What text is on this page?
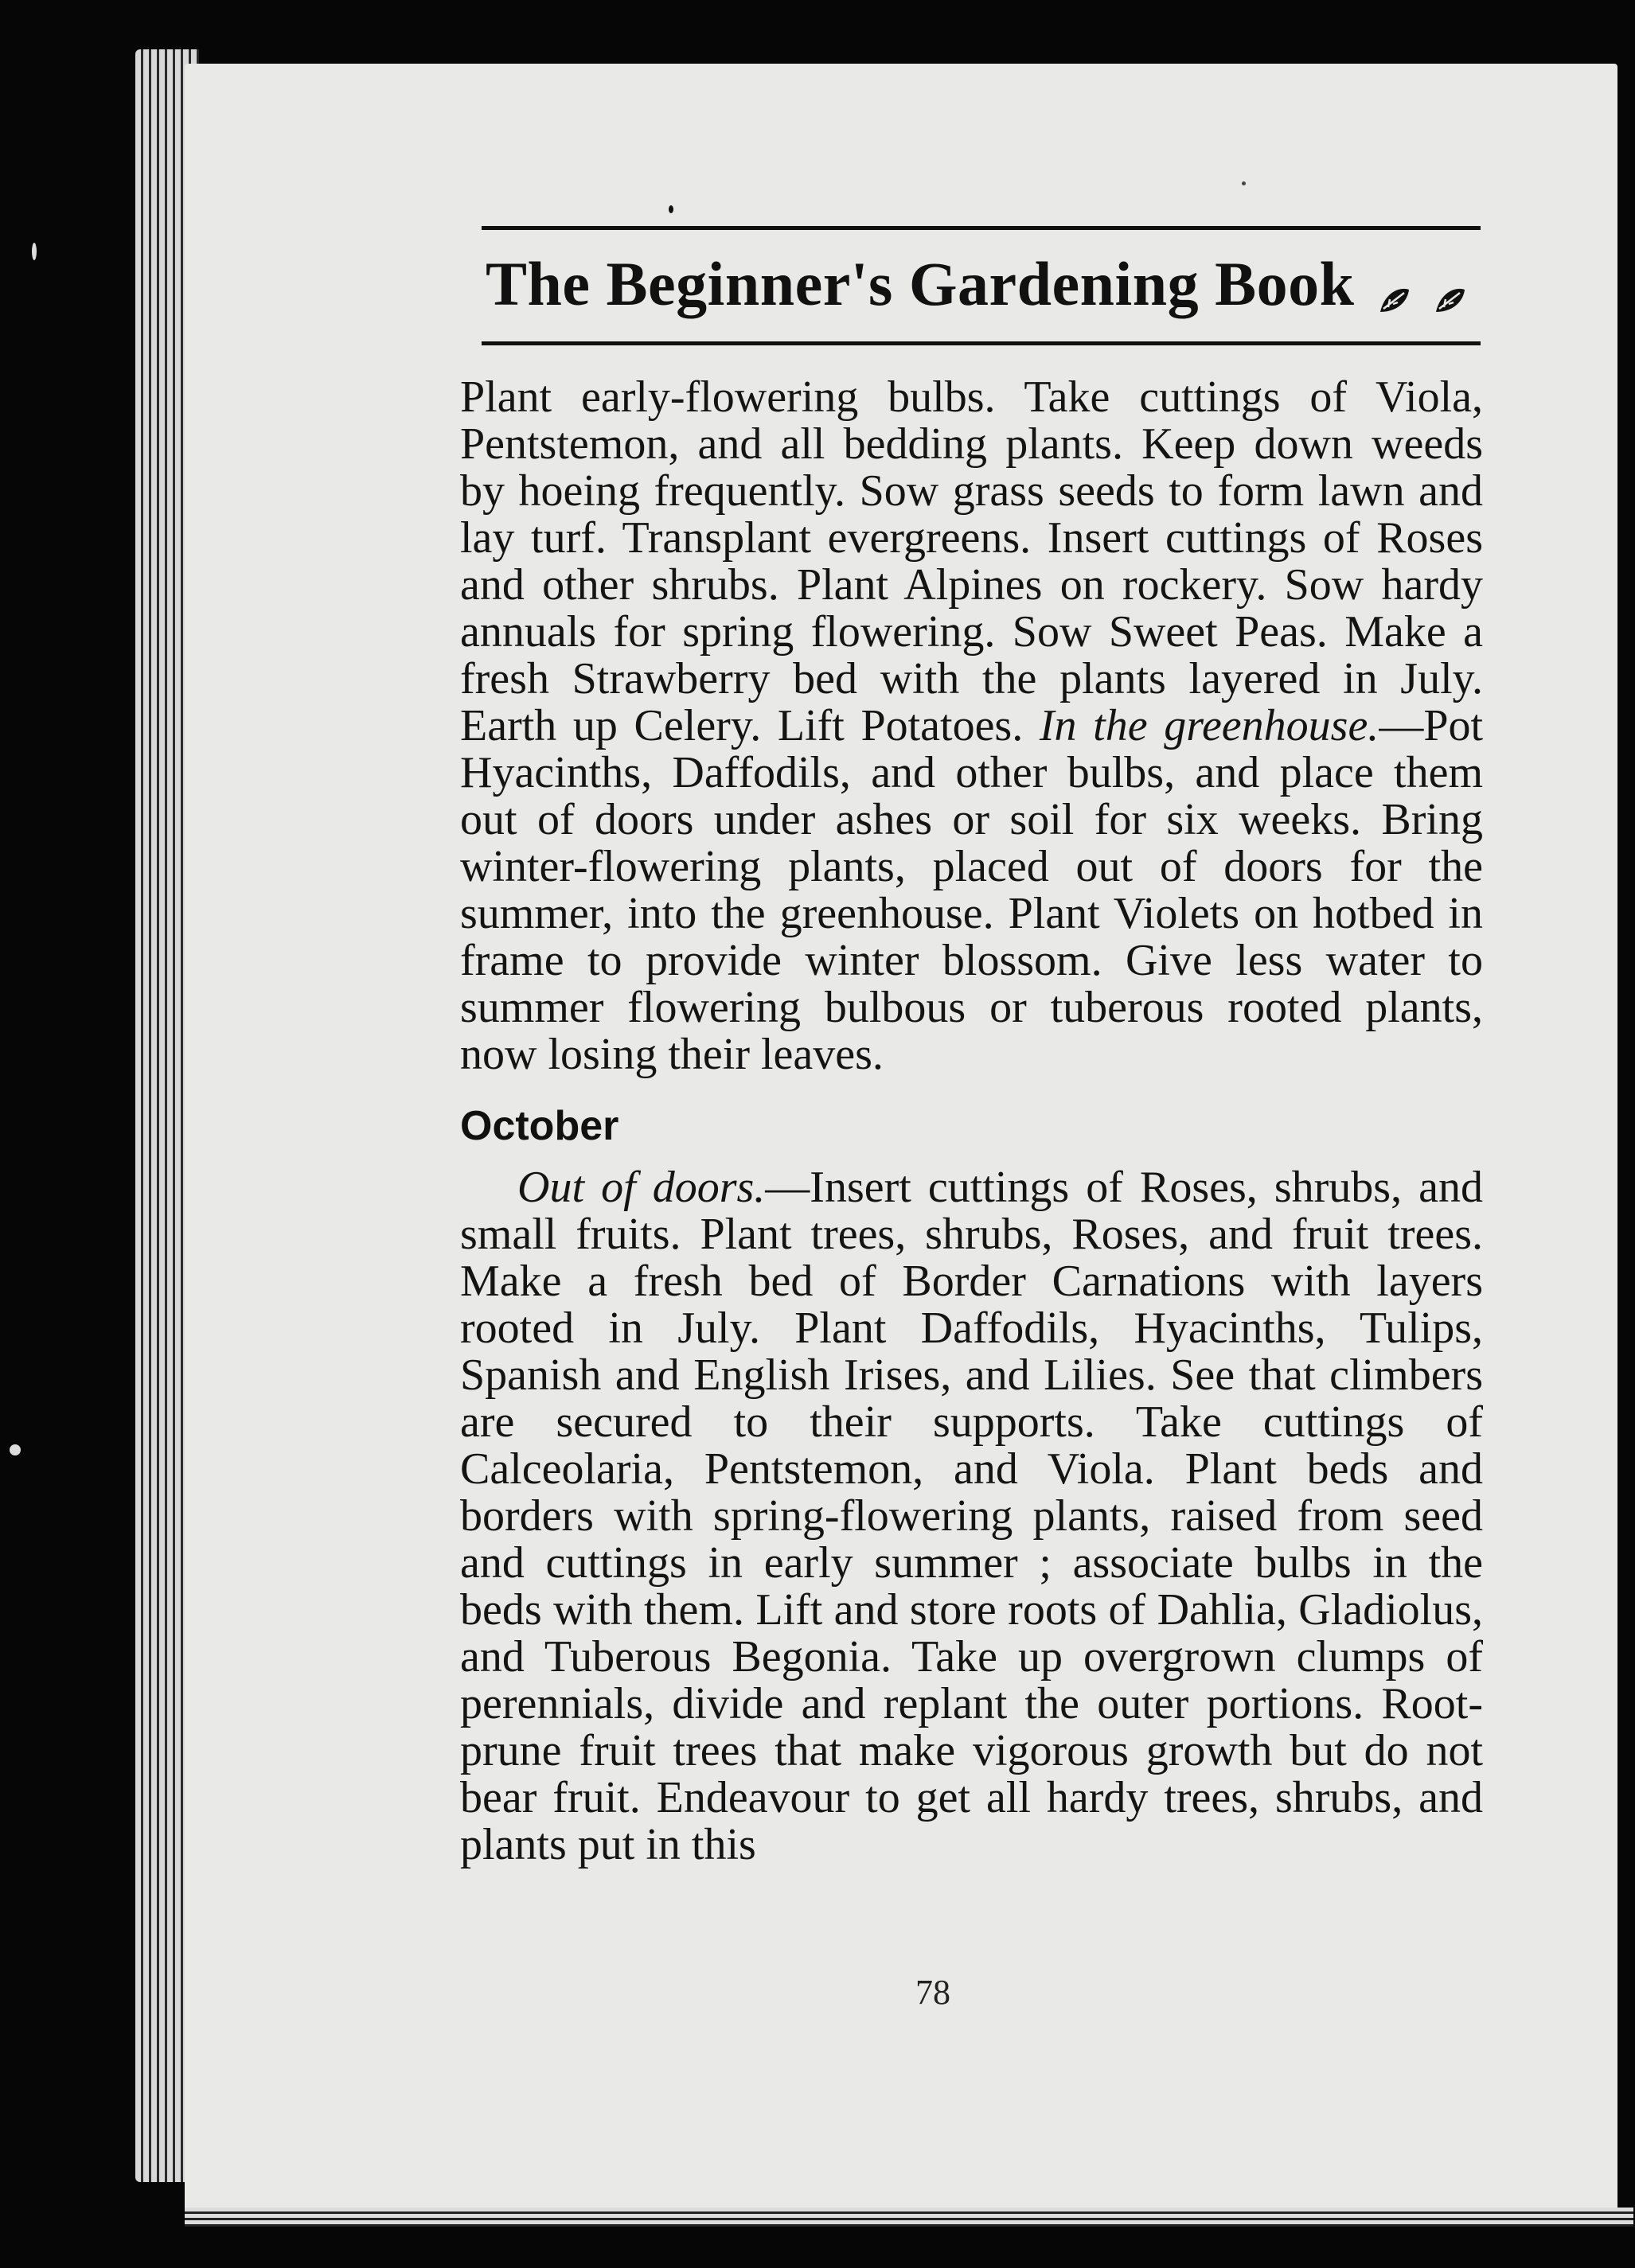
The Beginner's Gardening Book

Plant early-flowering bulbs. Take cuttings of Viola, Pentstemon, and all bedding plants. Keep down weeds by hoeing frequently. Sow grass seeds to form lawn and lay turf. Transplant evergreens. Insert cuttings of Roses and other shrubs. Plant Alpines on rockery. Sow hardy annuals for spring flowering. Sow Sweet Peas. Make a fresh Strawberry bed with the plants layered in July. Earth up Celery. Lift Potatoes. In the greenhouse.—Pot Hyacinths, Daffodils, and other bulbs, and place them out of doors under ashes or soil for six weeks. Bring winter-flowering plants, placed out of doors for the summer, into the greenhouse. Plant Violets on hotbed in frame to provide winter blossom. Give less water to summer flowering bulbous or tuberous rooted plants, now losing their leaves.

October

Out of doors.—Insert cuttings of Roses, shrubs, and small fruits. Plant trees, shrubs, Roses, and fruit trees. Make a fresh bed of Border Carnations with layers rooted in July. Plant Daffodils, Hyacinths, Tulips, Spanish and English Irises, and Lilies. See that climbers are secured to their supports. Take cuttings of Calceolaria, Pentstemon, and Viola. Plant beds and borders with spring-flowering plants, raised from seed and cuttings in early summer ; associate bulbs in the beds with them. Lift and store roots of Dahlia, Gladiolus, and Tuberous Begonia. Take up overgrown clumps of perennials, divide and replant the outer portions. Root-prune fruit trees that make vigorous growth but do not bear fruit. Endeavour to get all hardy trees, shrubs, and plants put in this

78
